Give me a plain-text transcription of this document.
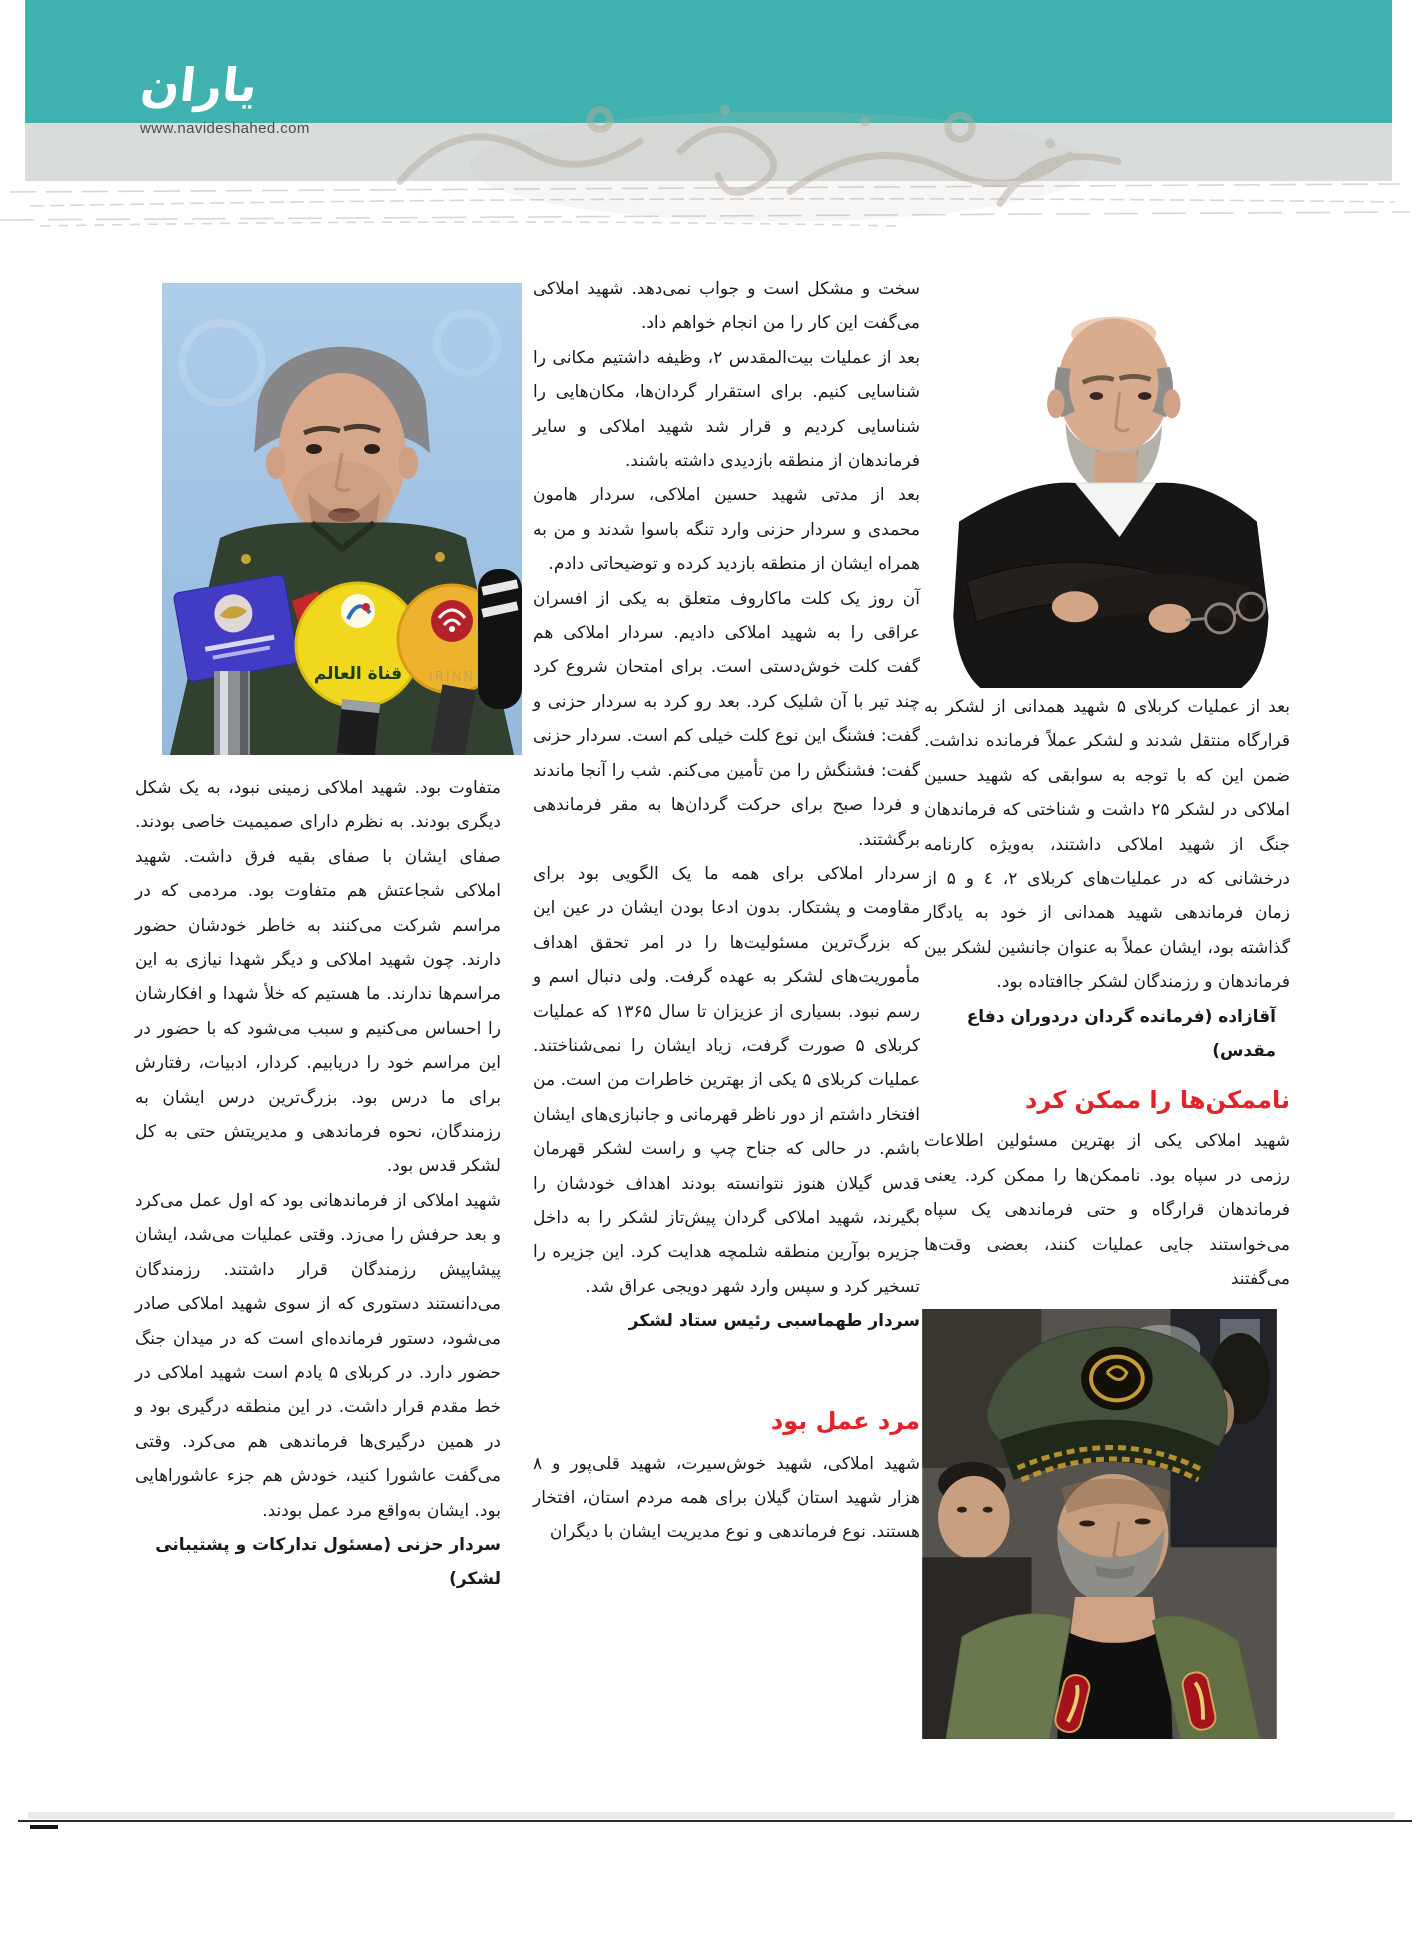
یاران
www.navideshahed.com

بعد از عملیات کربلای ۵ شهید همدانی از لشکر به قرارگاه منتقل شدند و لشکر عملاً فرمانده نداشت. ضمن این که با توجه به سوابقی که شهید حسین املاکی در لشکر ۲۵ داشت و شناختی که فرماندهان جنگ از شهید املاکی داشتند، به‌ویژه کارنامه درخشانی که در عملیات‌های کربلای ۲، ٤ و ۵ از زمان فرماندهی شهید همدانی از خود به یادگار گذاشته بود، ایشان عملاً به عنوان جانشین لشکر بین فرماندهان و رزمندگان لشکر جاافتاده بود.

آقازاده (فرمانده گردان دردوران دفاع مقدس)
ناممکن‌ها را ممکن کرد

شهید املاکی یکی از بهترین مسئولین اطلاعات رزمی در سپاه بود. ناممکن‌ها را ممکن کرد. یعنی فرماندهان قرارگاه و حتی فرماندهی یک سپاه می‌خواستند جایی عملیات کنند، بعضی وقت‌ها می‌گفتند

سخت و مشکل است و جواب نمی‌دهد. شهید املاکی می‌گفت این کار را من انجام خواهم داد.

بعد از عملیات بیت‌المقدس ۲، وظیفه داشتیم مکانی را شناسایی کنیم. برای استقرار گردان‌ها، مکان‌هایی را شناسایی کردیم و قرار شد شهید املاکی و سایر فرماندهان از منطقه بازدیدی داشته باشند.

بعد از مدتی شهید حسین املاکی، سردار هامون محمدی و سردار حزنی وارد تنگه باسوا شدند و من به همراه ایشان از منطقه بازدید کرده و توضیحاتی دادم.

آن روز یک کلت ماکاروف متعلق به یکی از افسران عراقی را به شهید املاکی دادیم. سردار املاکی هم گفت کلت خوش‌دستی است. برای امتحان شروع کرد چند تیر با آن شلیک کرد. بعد رو کرد به سردار حزنی و گفت: فشنگ این نوع کلت خیلی کم است. سردار حزنی گفت: فشنگش را من تأمین می‌کنم. شب را آنجا ماندند و فردا صبح برای حرکت گردان‌ها به مقر فرماندهی برگشتند.

سردار املاکی برای همه ما یک الگویی بود برای مقاومت و پشتکار. بدون ادعا بودن ایشان در عین این که بزرگ‌ترین مسئولیت‌ها را در امر تحقق اهداف مأموریت‌های لشکر به عهده گرفت. ولی دنبال اسم و رسم نبود. بسیاری از عزیزان تا سال ۱۳۶۵ که عملیات کربلای ۵ صورت گرفت، زیاد ایشان را نمی‌شناختند. عملیات کربلای ۵ یکی از بهترین خاطرات من است. من افتخار داشتم از دور ناظر قهرمانی و جانبازی‌های ایشان باشم. در حالی که جناح چپ و راست لشکر قهرمان قدس گیلان هنوز نتوانسته بودند اهداف خودشان را بگیرند، شهید املاکی گردان پیش‌تاز لشکر را به داخل جزیره بوآرین منطقه شلمچه هدایت کرد. این جزیره را تسخیر کرد و سپس وارد شهر دویجی عراق شد.

سردار طهماسبی رئیس ستاد لشکر
مرد عمل بود

شهید املاکی، شهید خوش‌سیرت، شهید قلی‌پور و ۸ هزار شهید استان گیلان برای همه مردم استان، افتخار هستند. نوع فرماندهی و نوع مدیریت ایشان با دیگران

قناة العالم IRINN

متفاوت بود. شهید املاکی زمینی نبود، به یک شکل دیگری بودند. به نظرم دارای صمیمیت خاصی بودند. صفای ایشان با صفای بقیه فرق داشت. شهید املاکی شجاعتش هم متفاوت بود. مردمی که در مراسم شرکت می‌کنند به خاطر خودشان حضور دارند. چون شهید املاکی و دیگر شهدا نیازی به این مراسم‌ها ندارند. ما هستیم که خلأ شهدا و افکارشان را احساس می‌کنیم و سبب می‌شود که با حضور در این مراسم خود را دریابیم. کردار، ادبیات، رفتارش برای ما درس بود. بزرگ‌ترین درس ایشان به رزمندگان، نحوه فرماندهی و مدیریتش حتی به کل لشکر قدس بود.

شهید املاکی از فرماندهانی بود که اول عمل می‌کرد و بعد حرفش را می‌زد. وقتی عملیات می‌شد، ایشان پیشاپیش رزمندگان قرار داشتند. رزمندگان می‌دانستند دستوری که از سوی شهید املاکی صادر می‌شود، دستور فرمانده‌ای است که در میدان جنگ حضور دارد. در کربلای ۵ یادم است شهید املاکی در خط مقدم قرار داشت. در این منطقه درگیری بود و در همین درگیری‌ها فرماندهی هم می‌کرد. وقتی می‌گفت عاشورا کنید، خودش هم جزء عاشوراهایی بود. ایشان به‌واقع مرد عمل بودند.

سردار حزنی (مسئول تدارکات و پشتیبانی لشکر)
